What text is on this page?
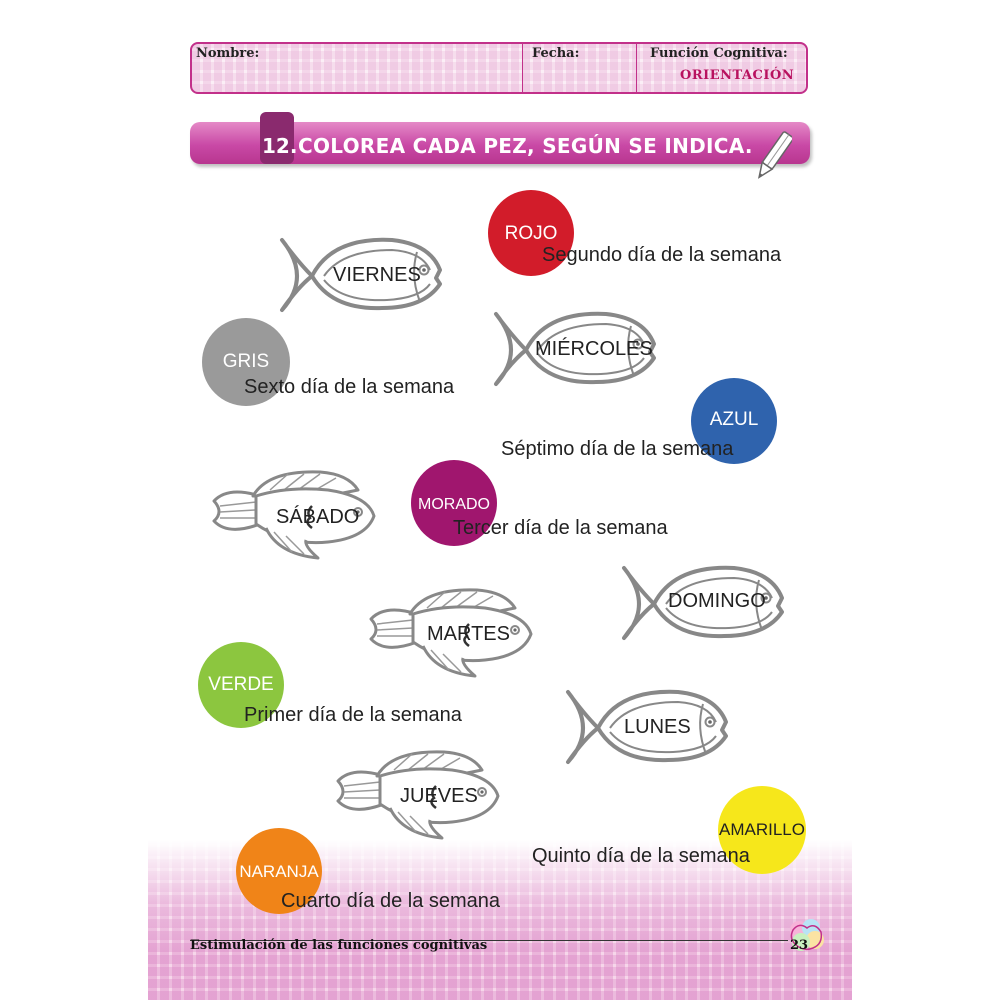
Nombre:	Fecha:	Función Cognitiva:
ORIENTACIÓN
12. COLOREA CADA PEZ, SEGÚN SE INDICA.
VIERNES
MIÉRCOLES
SÁBADO
DOMINGO
MARTES
LUNES
JUEVES
ROJO
Segundo día de la semana
GRIS
Sexto día de la semana
AZUL
Séptimo día de la semana
MORADO
Tercer día de la semana
VERDE
Primer día de la semana
AMARILLO
Quinto día de la semana
NARANJA
Cuarto día de la semana
Estimulación de las funciones cognitivas	23
